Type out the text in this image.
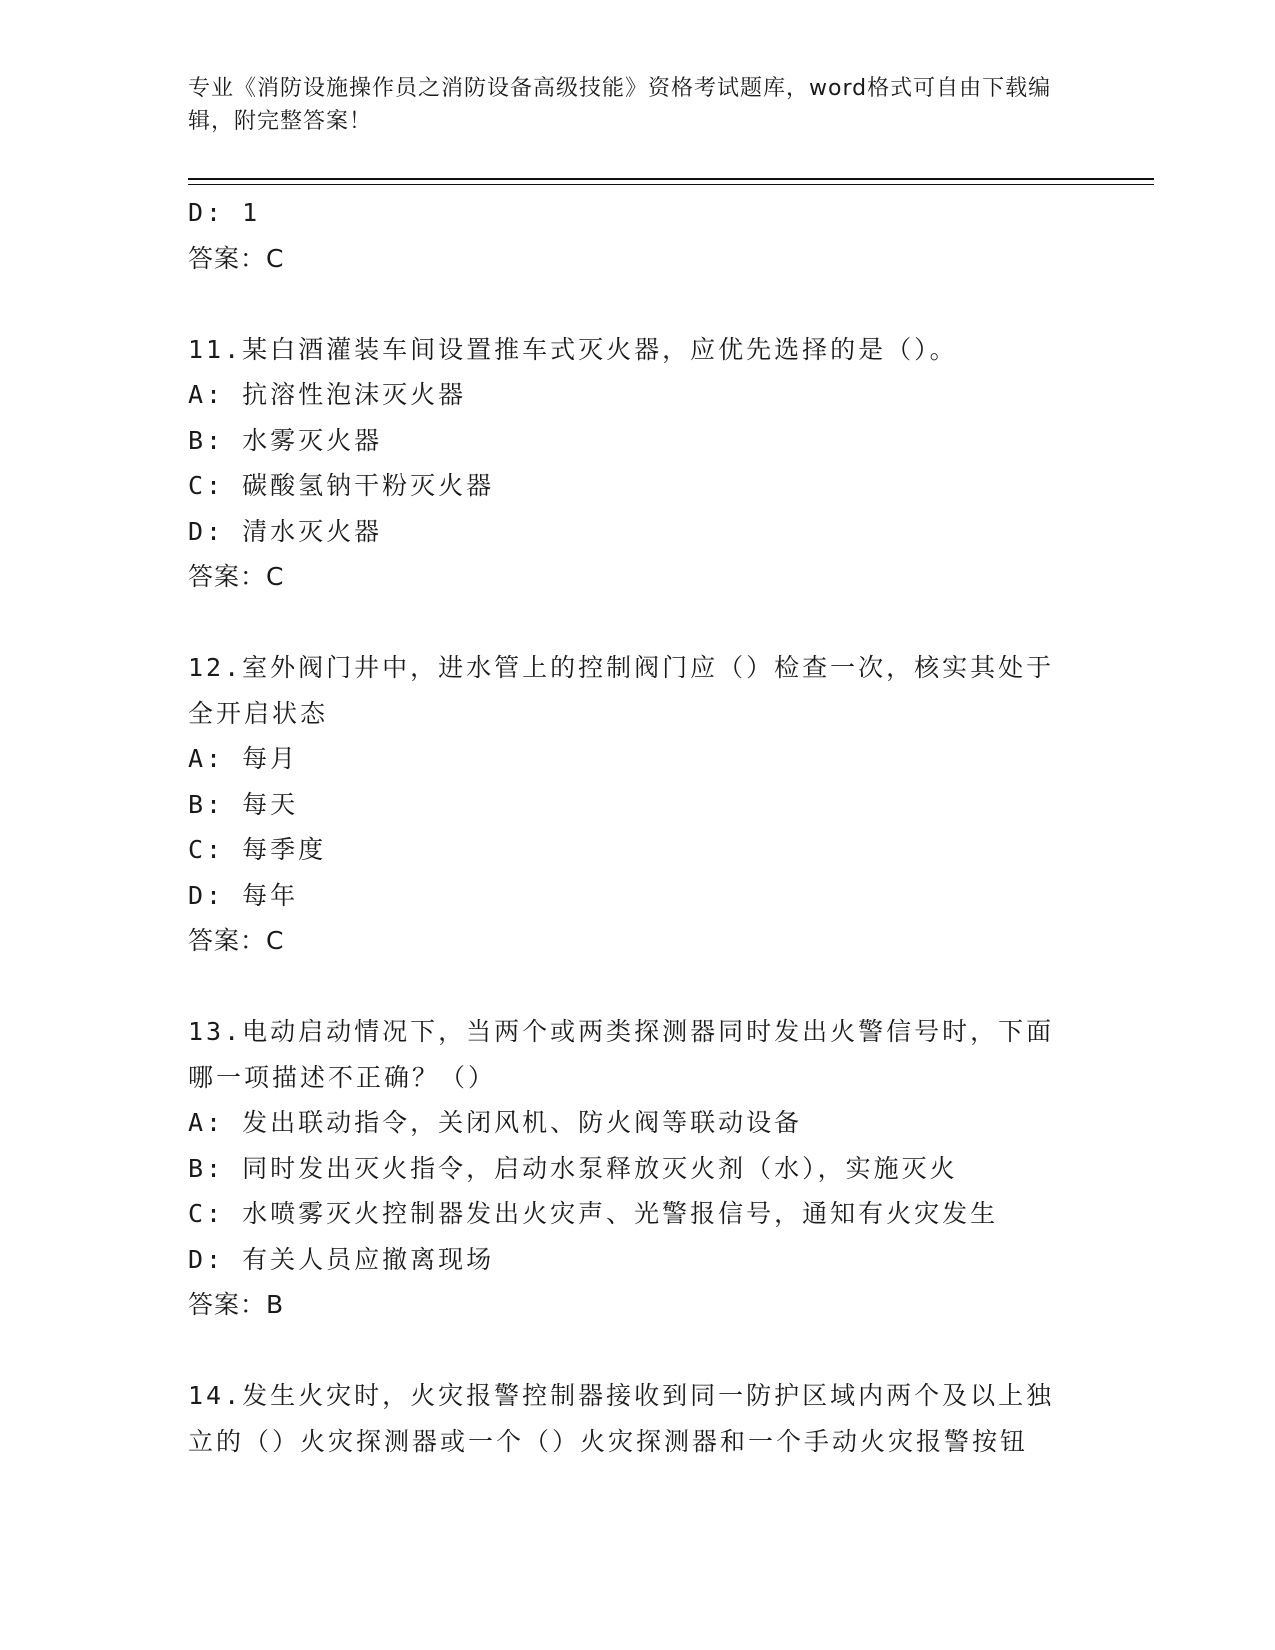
专业《消防设施操作员之消防设备高级技能》资格考试题库，word格式可自由下载编辑，附完整答案！
D: 1
答案：C
11.某白酒灌装车间设置推车式灭火器，应优先选择的是（）。
A: 抗溶性泡沫灭火器
B: 水雾灭火器
C: 碳酸氢钠干粉灭火器
D: 清水灭火器
答案：C
12.室外阀门井中，进水管上的控制阀门应（）检查一次，核实其处于
全开启状态
A: 每月
B: 每天
C: 每季度
D: 每年
答案：C
13.电动启动情况下，当两个或两类探测器同时发出火警信号时，下面
哪一项描述不正确？（）
A: 发出联动指令，关闭风机、防火阀等联动设备
B: 同时发出灭火指令，启动水泵释放灭火剂（水），实施灭火
C: 水喷雾灭火控制器发出火灾声、光警报信号，通知有火灾发生
D: 有关人员应撤离现场
答案：B
14.发生火灾时，火灾报警控制器接收到同一防护区域内两个及以上独
立的（）火灾探测器或一个（）火灾探测器和一个手动火灾报警按钮
